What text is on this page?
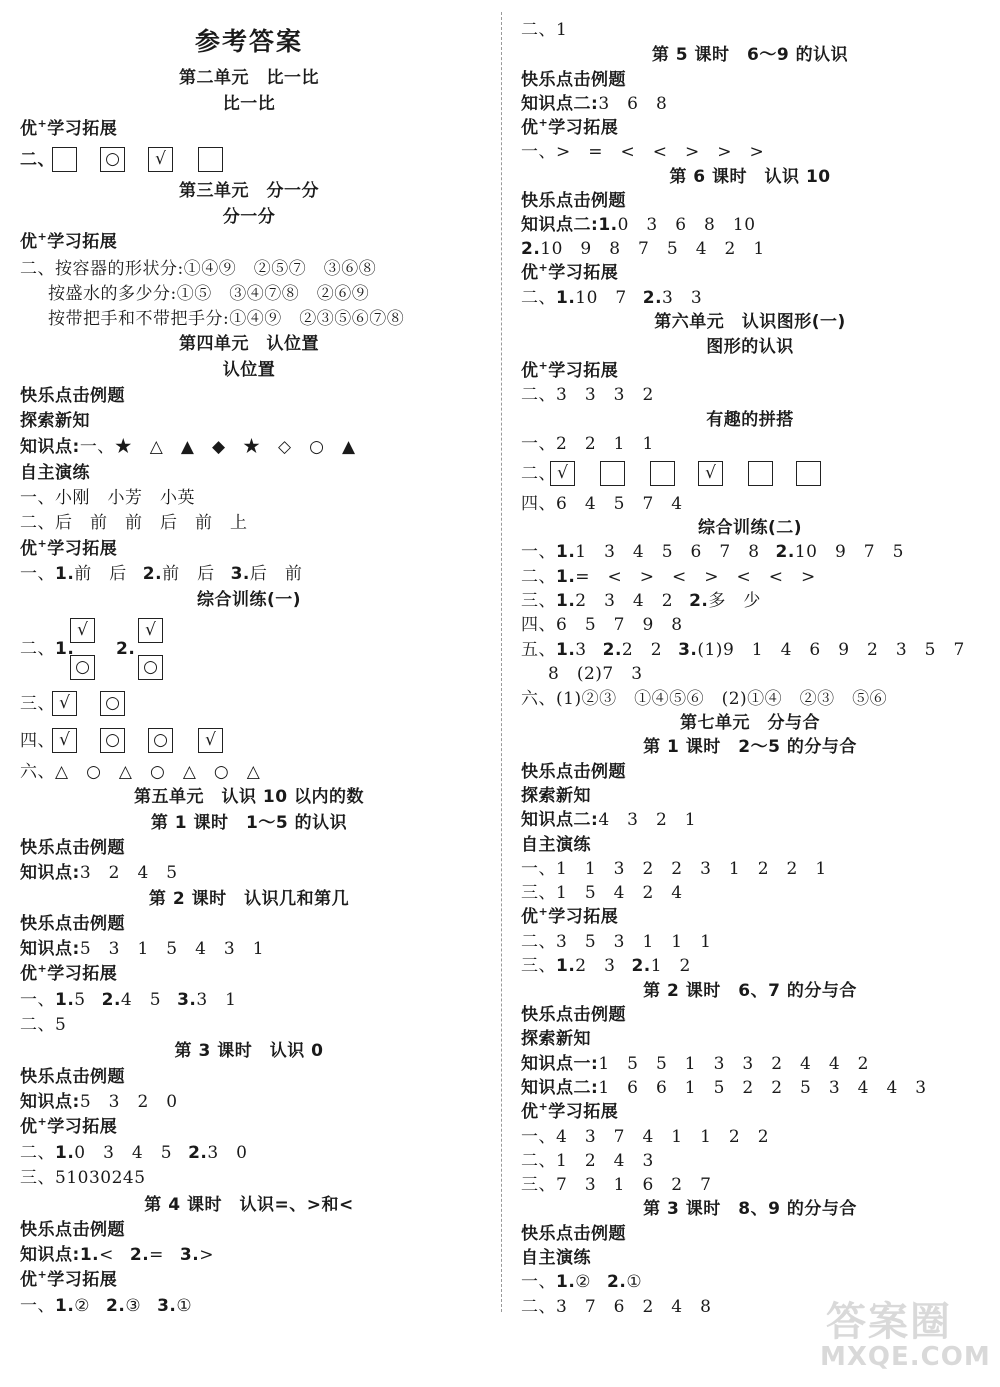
参考答案
第二单元　比一比
比一比
优+学习拓展
二、	○	√
第三单元　分一分
分一分
优+学习拓展
二、按容器的形状分:①④⑨　②⑤⑦　③⑥⑧
按盛水的多少分:①⑤　③④⑦⑧　②⑥⑨
按带把手和不带把手分:①④⑨　②③⑤⑥⑦⑧
第四单元　认位置
认位置
快乐点击例题
探索新知
知识点:一、★　△　▲　◆　★　◇　○　▲
自主演练
一、小刚　小芳　小英
二、后　前　前　后　前　上
优+学习拓展
一、1.前　后 2.前　后 3.后　前
综合训练(一)
二、1. 2.
√
○
√
○
三、 √	○
四、 √	○ ○	√
六、△　○　△　○　△　○　△
第五单元　认识 10 以内的数
第 1 课时　1～5 的认识
快乐点击例题
知识点:3　2　4　5
第 2 课时　认识几和第几
快乐点击例题
知识点:5　3　1　5　4　3　1
优+学习拓展
一、1.5 2.4　5 3.3　1
二、5
第 3 课时　认识 0
快乐点击例题
知识点:5　3　2　0
优+学习拓展
二、1.0　3　4　5 2.3　0
三、51030245
第 4 课时　认识=、>和<
快乐点击例题
知识点:1.< 2.= 3.>
优+学习拓展
一、1.② 2.③ 3.①
二、1
第 5 课时　6～9 的认识
快乐点击例题
知识点二:3　6　8
优+学习拓展
一、>　=　<　<　>　>　>
第 6 课时　认识 10
快乐点击例题
知识点二:1.0　3　6　8　10
2.10　9　8　7　5　4　2　1
优+学习拓展
二、1.10　7 2.3　3
第六单元　认识图形(一)
图形的认识
优+学习拓展
二、3　3　3　2
有趣的拼搭
一、2　2　1　1
二、 √	√
四、6　4　5　7　4
综合训练(二)
一、1.1　3　4　5　6　7　8 2.10　9　7　5
二、1.=　<　>　<　>　<　<　>
三、1.2　3　4　2 2.多　少
四、6　5　7　9　8
五、1.3 2.2　2 3.(1)9　1　4　6　9　2　3　5　7
8　(2)7　3
六、(1)②③　①④⑤⑥　(2)①④　②③　⑤⑥
第七单元　分与合
第 1 课时　2～5 的分与合
快乐点击例题
探索新知
知识点二:4　3　2　1
自主演练
一、1　1　3　2　2　3　1　2　2　1
三、1　5　4　2　4
优+学习拓展
二、3　5　3　1　1　1
三、1.2　3 2.1　2
第 2 课时　6、7 的分与合
快乐点击例题
探索新知
知识点一:1　5　5　1　3　3　2　4　4　2
知识点二:1　6　6　1　5　2　2　5　3　4　4　3
优+学习拓展
一、4　3　7　4　1　1　2　2
二、1　2　4　3
三、7　3　1　6　2　7
第 3 课时　8、9 的分与合
快乐点击例题
自主演练
一、1.② 2.①
二、3　7　6　2　4　8	答案圈
MXQE.COM
